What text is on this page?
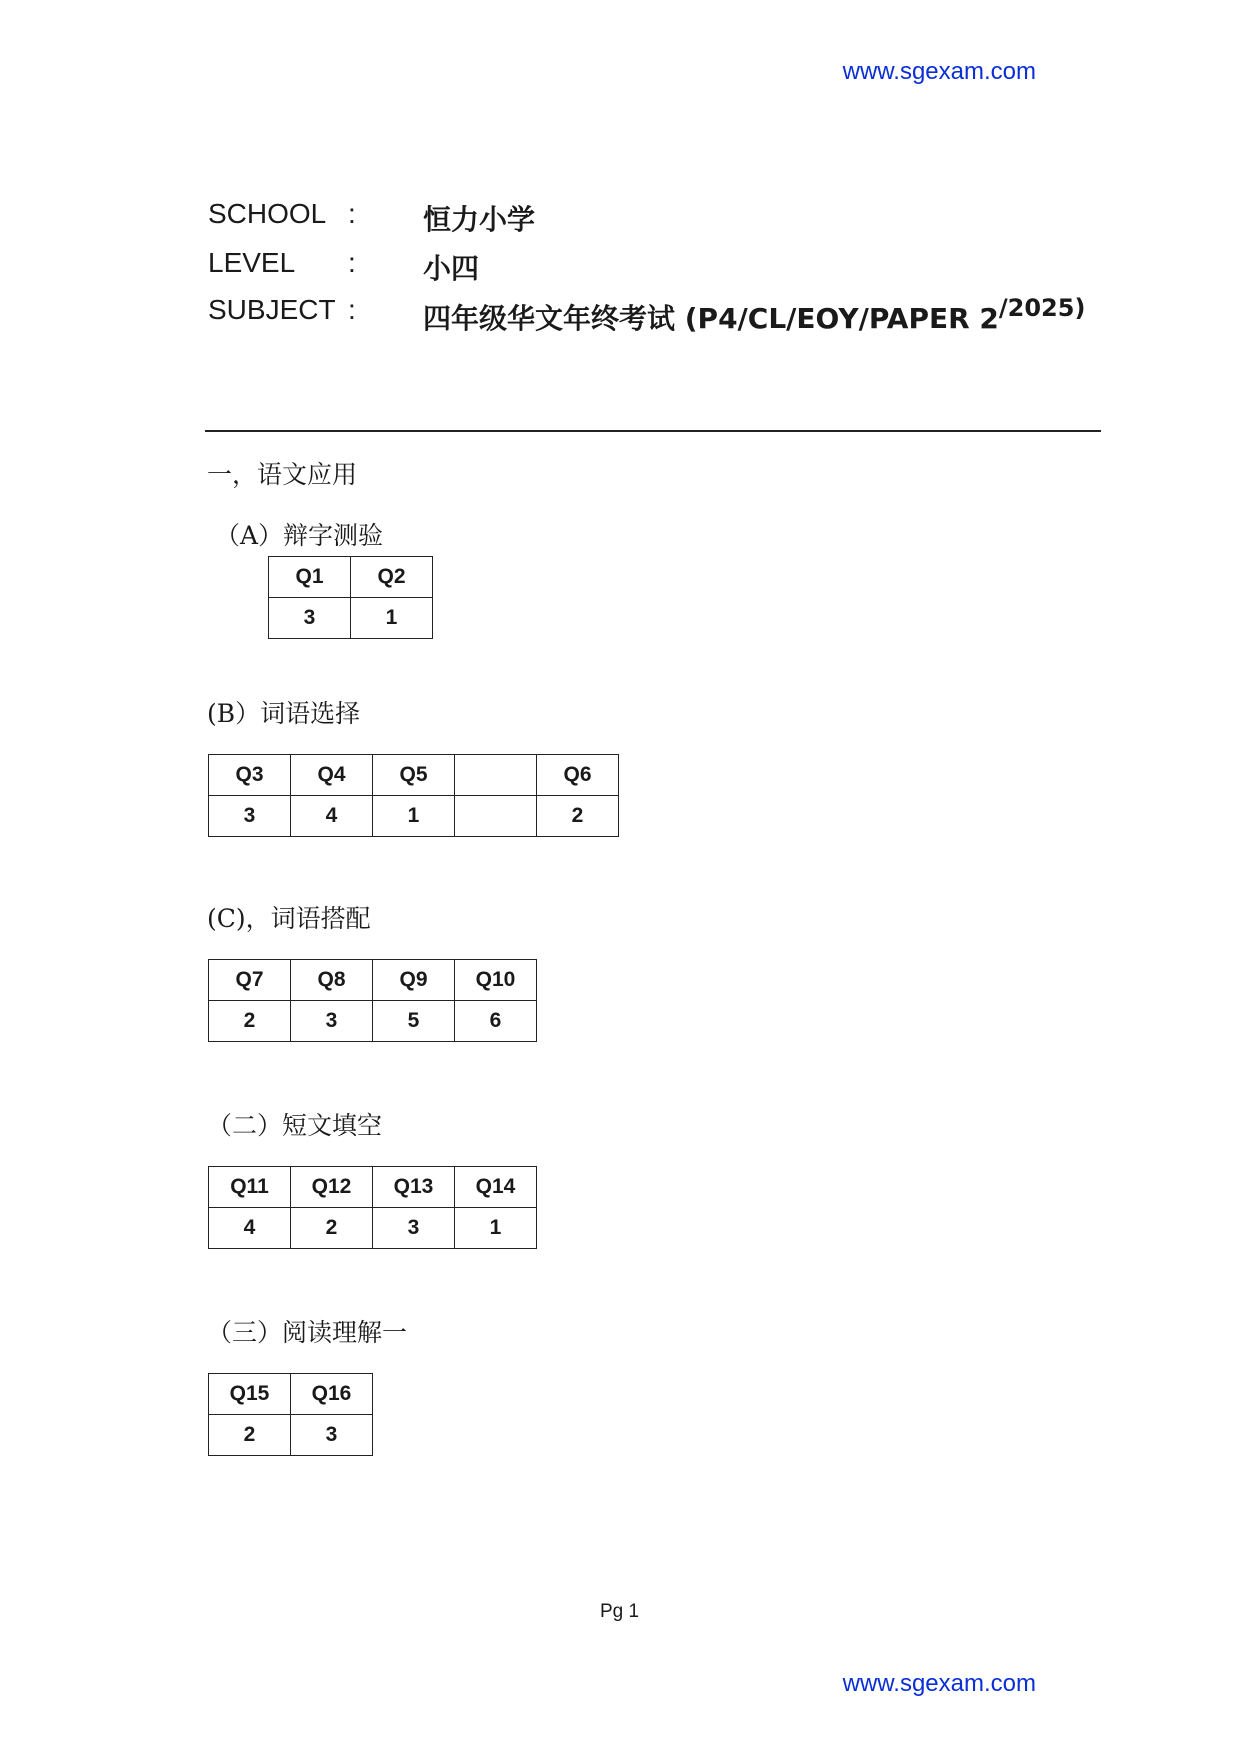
www.sgexam.com
SCHOOL : 恒力小学
LEVEL	: 小四
SUBJECT : 四年级华文年终考试 (P4/CL/EOY/PAPER $2^{/2025)}$
一，语文应用
（A）辩字测验
Q1	Q2
3	1
(B）词语选择
Q3	Q4	Q5		Q6
3	4	1		2
(C)，词语搭配
Q7	Q8	Q9	Q10
2	3	5	6
（二）短文填空
Q11	Q12	Q13	Q14
4	2	3	1
（三）阅读理解一
Q15	Q16
2	3
Pg 1
www.sgexam.com
